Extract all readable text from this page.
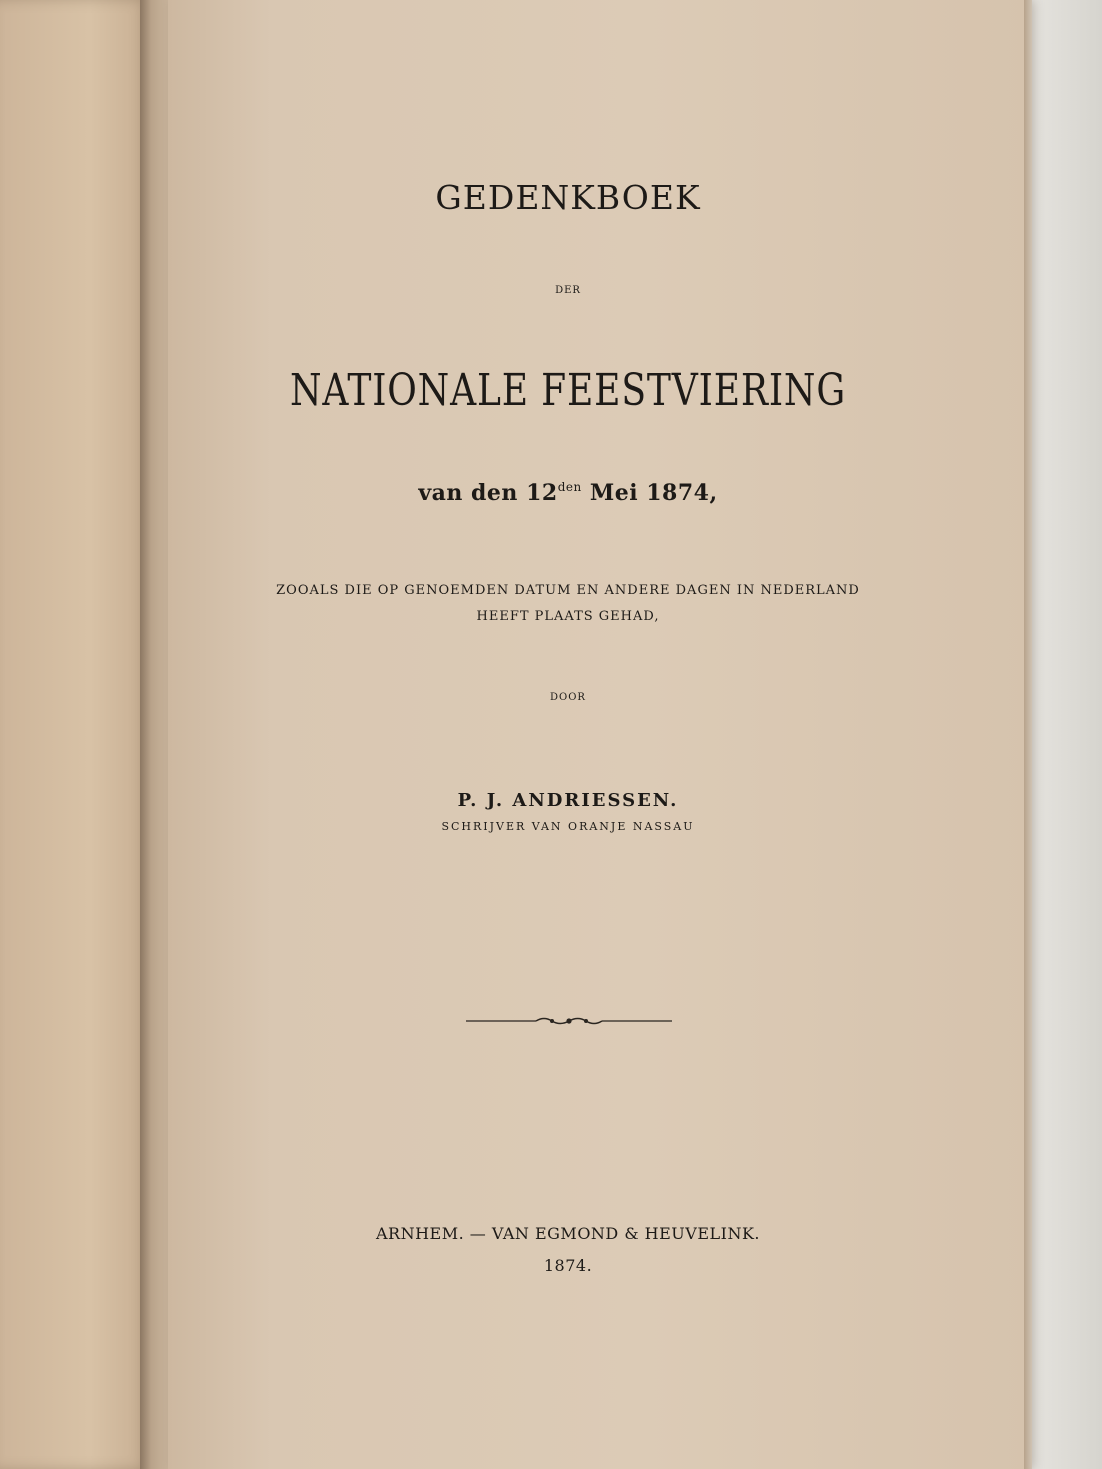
GEDENKBOEK
DER
NATIONALE FEESTVIERING
van den $12^{den}$ Mei 1874,
ZOOALS DIE OP GENOEMDEN DATUM EN ANDERE DAGEN IN NEDERLAND
HEEFT PLAATS GEHAD,
DOOR
P. J. ANDRIESSEN.
SCHRIJVER VAN ORANJE NASSAU
ARNHEM. — VAN EGMOND & HEUVELINK.
1874.
